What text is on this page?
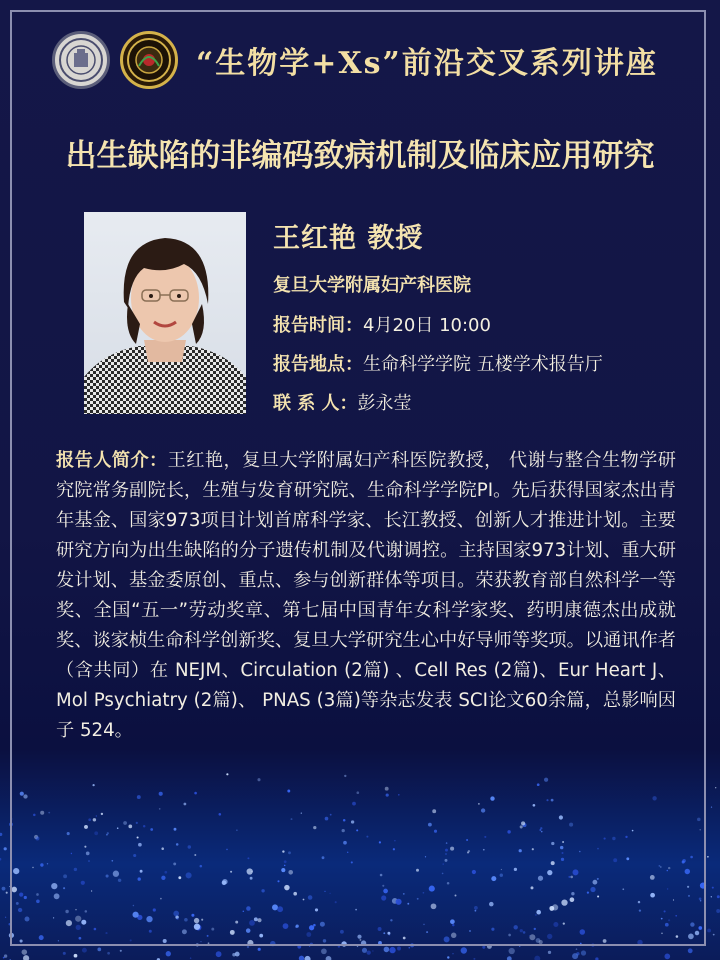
“生物学+Xs”前沿交叉系列讲座
出生缺陷的非编码致病机制及临床应用研究
王红艳 教授
复旦大学附属妇产科医院
报告时间：4月20日 10:00
报告地点：生命科学学院 五楼学术报告厅
联 系 人：彭永莹
报告人简介：王红艳，复旦大学附属妇产科医院教授， 代谢与整合生物学研究院常务副院长，生殖与发育研究院、生命科学学院PI。先后获得国家杰出青年基金、国家973项目计划首席科学家、长江教授、创新人才推进计划。主要研究方向为出生缺陷的分子遗传机制及代谢调控。主持国家973计划、重大研发计划、基金委原创、重点、参与创新群体等项目。荣获教育部自然科学一等奖、全国“五一”劳动奖章、第七届中国青年女科学家奖、药明康德杰出成就奖、谈家桢生命科学创新奖、复旦大学研究生心中好导师等奖项。以通讯作者（含共同）在 NEJM、Circulation (2篇) 、Cell Res (2篇)、Eur Heart J、Mol Psychiatry (2篇)、 PNAS (3篇)等杂志发表 SCI论文60余篇，总影响因子 524。
